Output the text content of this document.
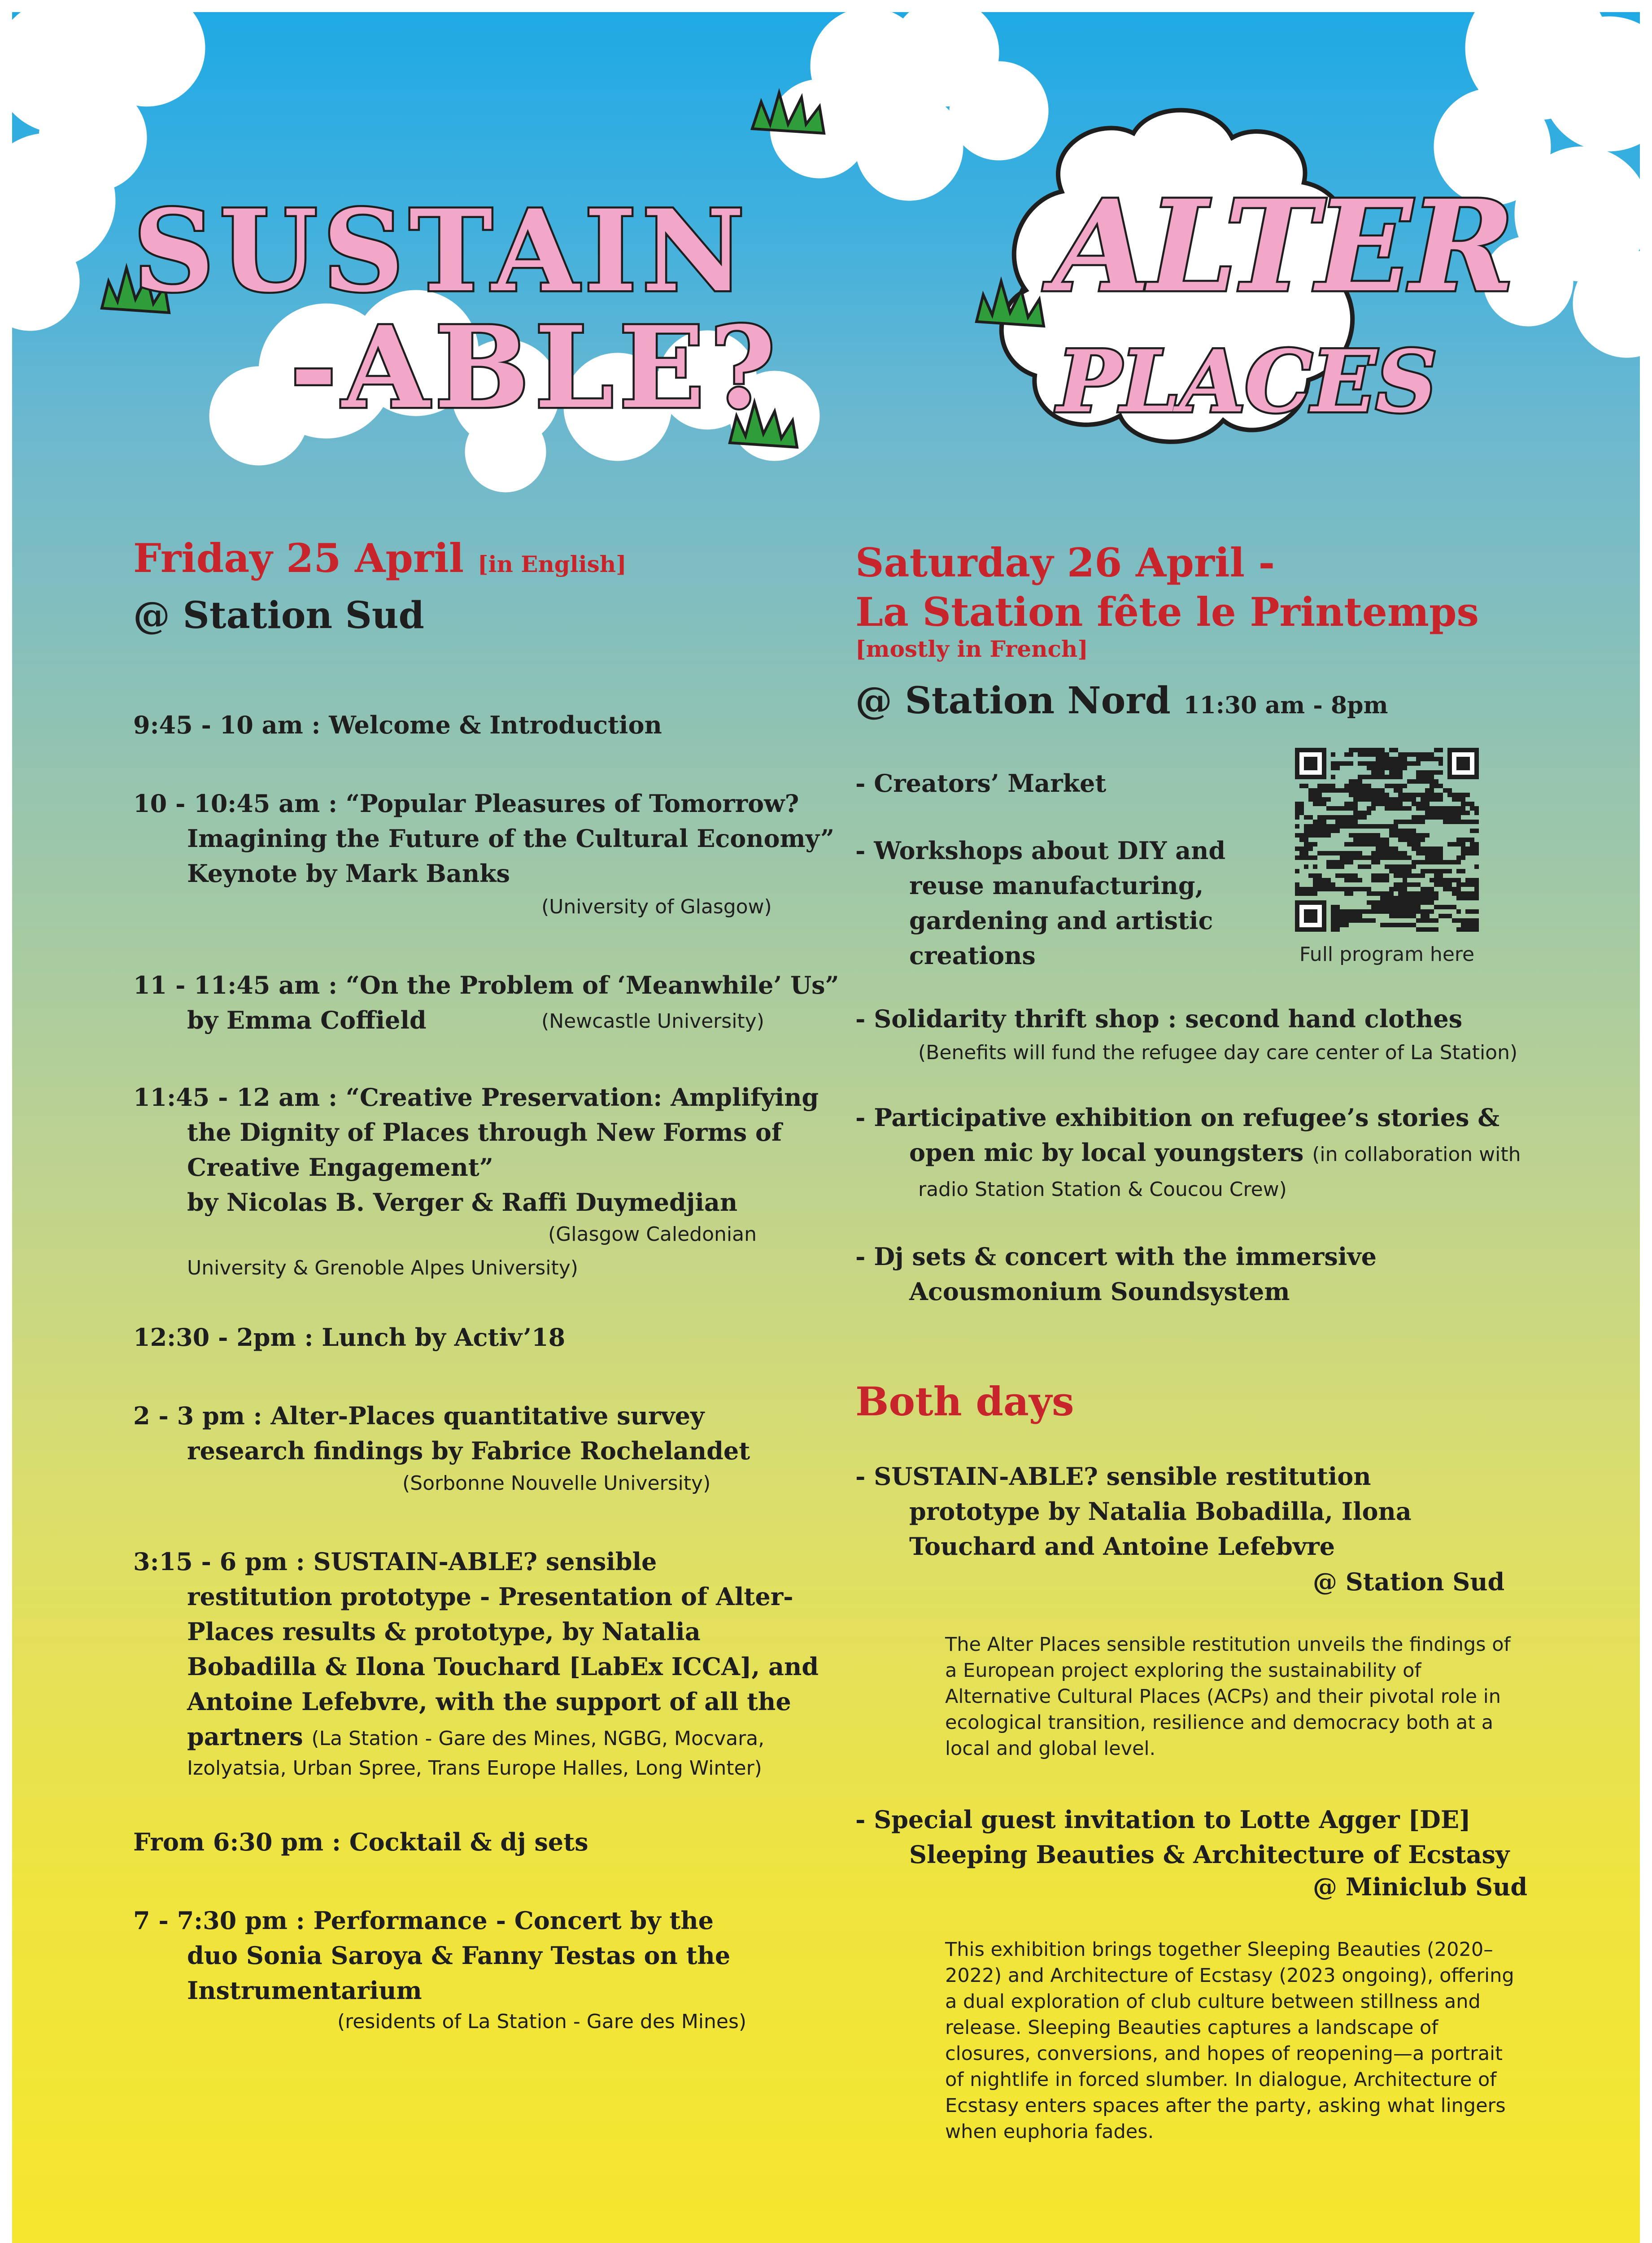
SUSTAIN
-ABLE?
ALTER
PLACES
Friday 25 April [in English]
@ Station Sud
9:45 - 10 am : Welcome & Introduction
10 - 10:45 am : “Popular Pleasures of Tomorrow?
Imagining the Future of the Cultural Economy”
Keynote by Mark Banks
(University of Glasgow)
11 - 11:45 am : “On the Problem of ‘Meanwhile’ Us”
by Emma Coffield	(Newcastle University)
11:45 - 12 am : “Creative Preservation: Amplifying
the Dignity of Places through New Forms of
Creative Engagement”
by Nicolas B. Verger & Raffi Duymedjian
(Glasgow Caledonian
University & Grenoble Alpes University)
12:30 - 2pm : Lunch by Activ’18
2 - 3 pm : Alter-Places quantitative survey
research findings by Fabrice Rochelandet
(Sorbonne Nouvelle University)
3:15 - 6 pm : SUSTAIN-ABLE? sensible
restitution prototype - Presentation of Alter-
Places results & prototype, by Natalia
Bobadilla & Ilona Touchard [LabEx ICCA], and
Antoine Lefebvre, with the support of all the
partners (La Station - Gare des Mines, NGBG, Mocvara,
Izolyatsia, Urban Spree, Trans Europe Halles, Long Winter)
From 6:30 pm : Cocktail & dj sets
7 - 7:30 pm : Performance - Concert by the
duo Sonia Saroya & Fanny Testas on the
Instrumentarium
(residents of La Station - Gare des Mines)
Saturday 26 April -
La Station fête le Printemps
[mostly in French]
@ Station Nord 11:30 am - 8pm
Full program here
- Creators’ Market
- Workshops about DIY and
reuse manufacturing,
gardening and artistic
creations
- Solidarity thrift shop : second hand clothes
(Benefits will fund the refugee day care center of La Station)
- Participative exhibition on refugee’s stories &
open mic by local youngsters (in collaboration with
radio Station Station & Coucou Crew)
- Dj sets & concert with the immersive
Acousmonium Soundsystem
Both days
- SUSTAIN-ABLE? sensible restitution
prototype by Natalia Bobadilla, Ilona
Touchard and Antoine Lefebvre
@ Station Sud
The Alter Places sensible restitution unveils the findings of a European project exploring the sustainability of Alternative Cultural Places (ACPs) and their pivotal role in ecological transition, resilience and democracy both at a local and global level.
- Special guest invitation to Lotte Agger [DE]
Sleeping Beauties & Architecture of Ecstasy
@ Miniclub Sud
This exhibition brings together Sleeping Beauties (2020–2022) and Architecture of Ecstasy (2023 ongoing), offering a dual exploration of club culture between stillness and release. Sleeping Beauties captures a landscape of closures, conversions, and hopes of reopening—a portrait of nightlife in forced slumber. In dialogue, Architecture of Ecstasy enters spaces after the party, asking what lingers when euphoria fades.
